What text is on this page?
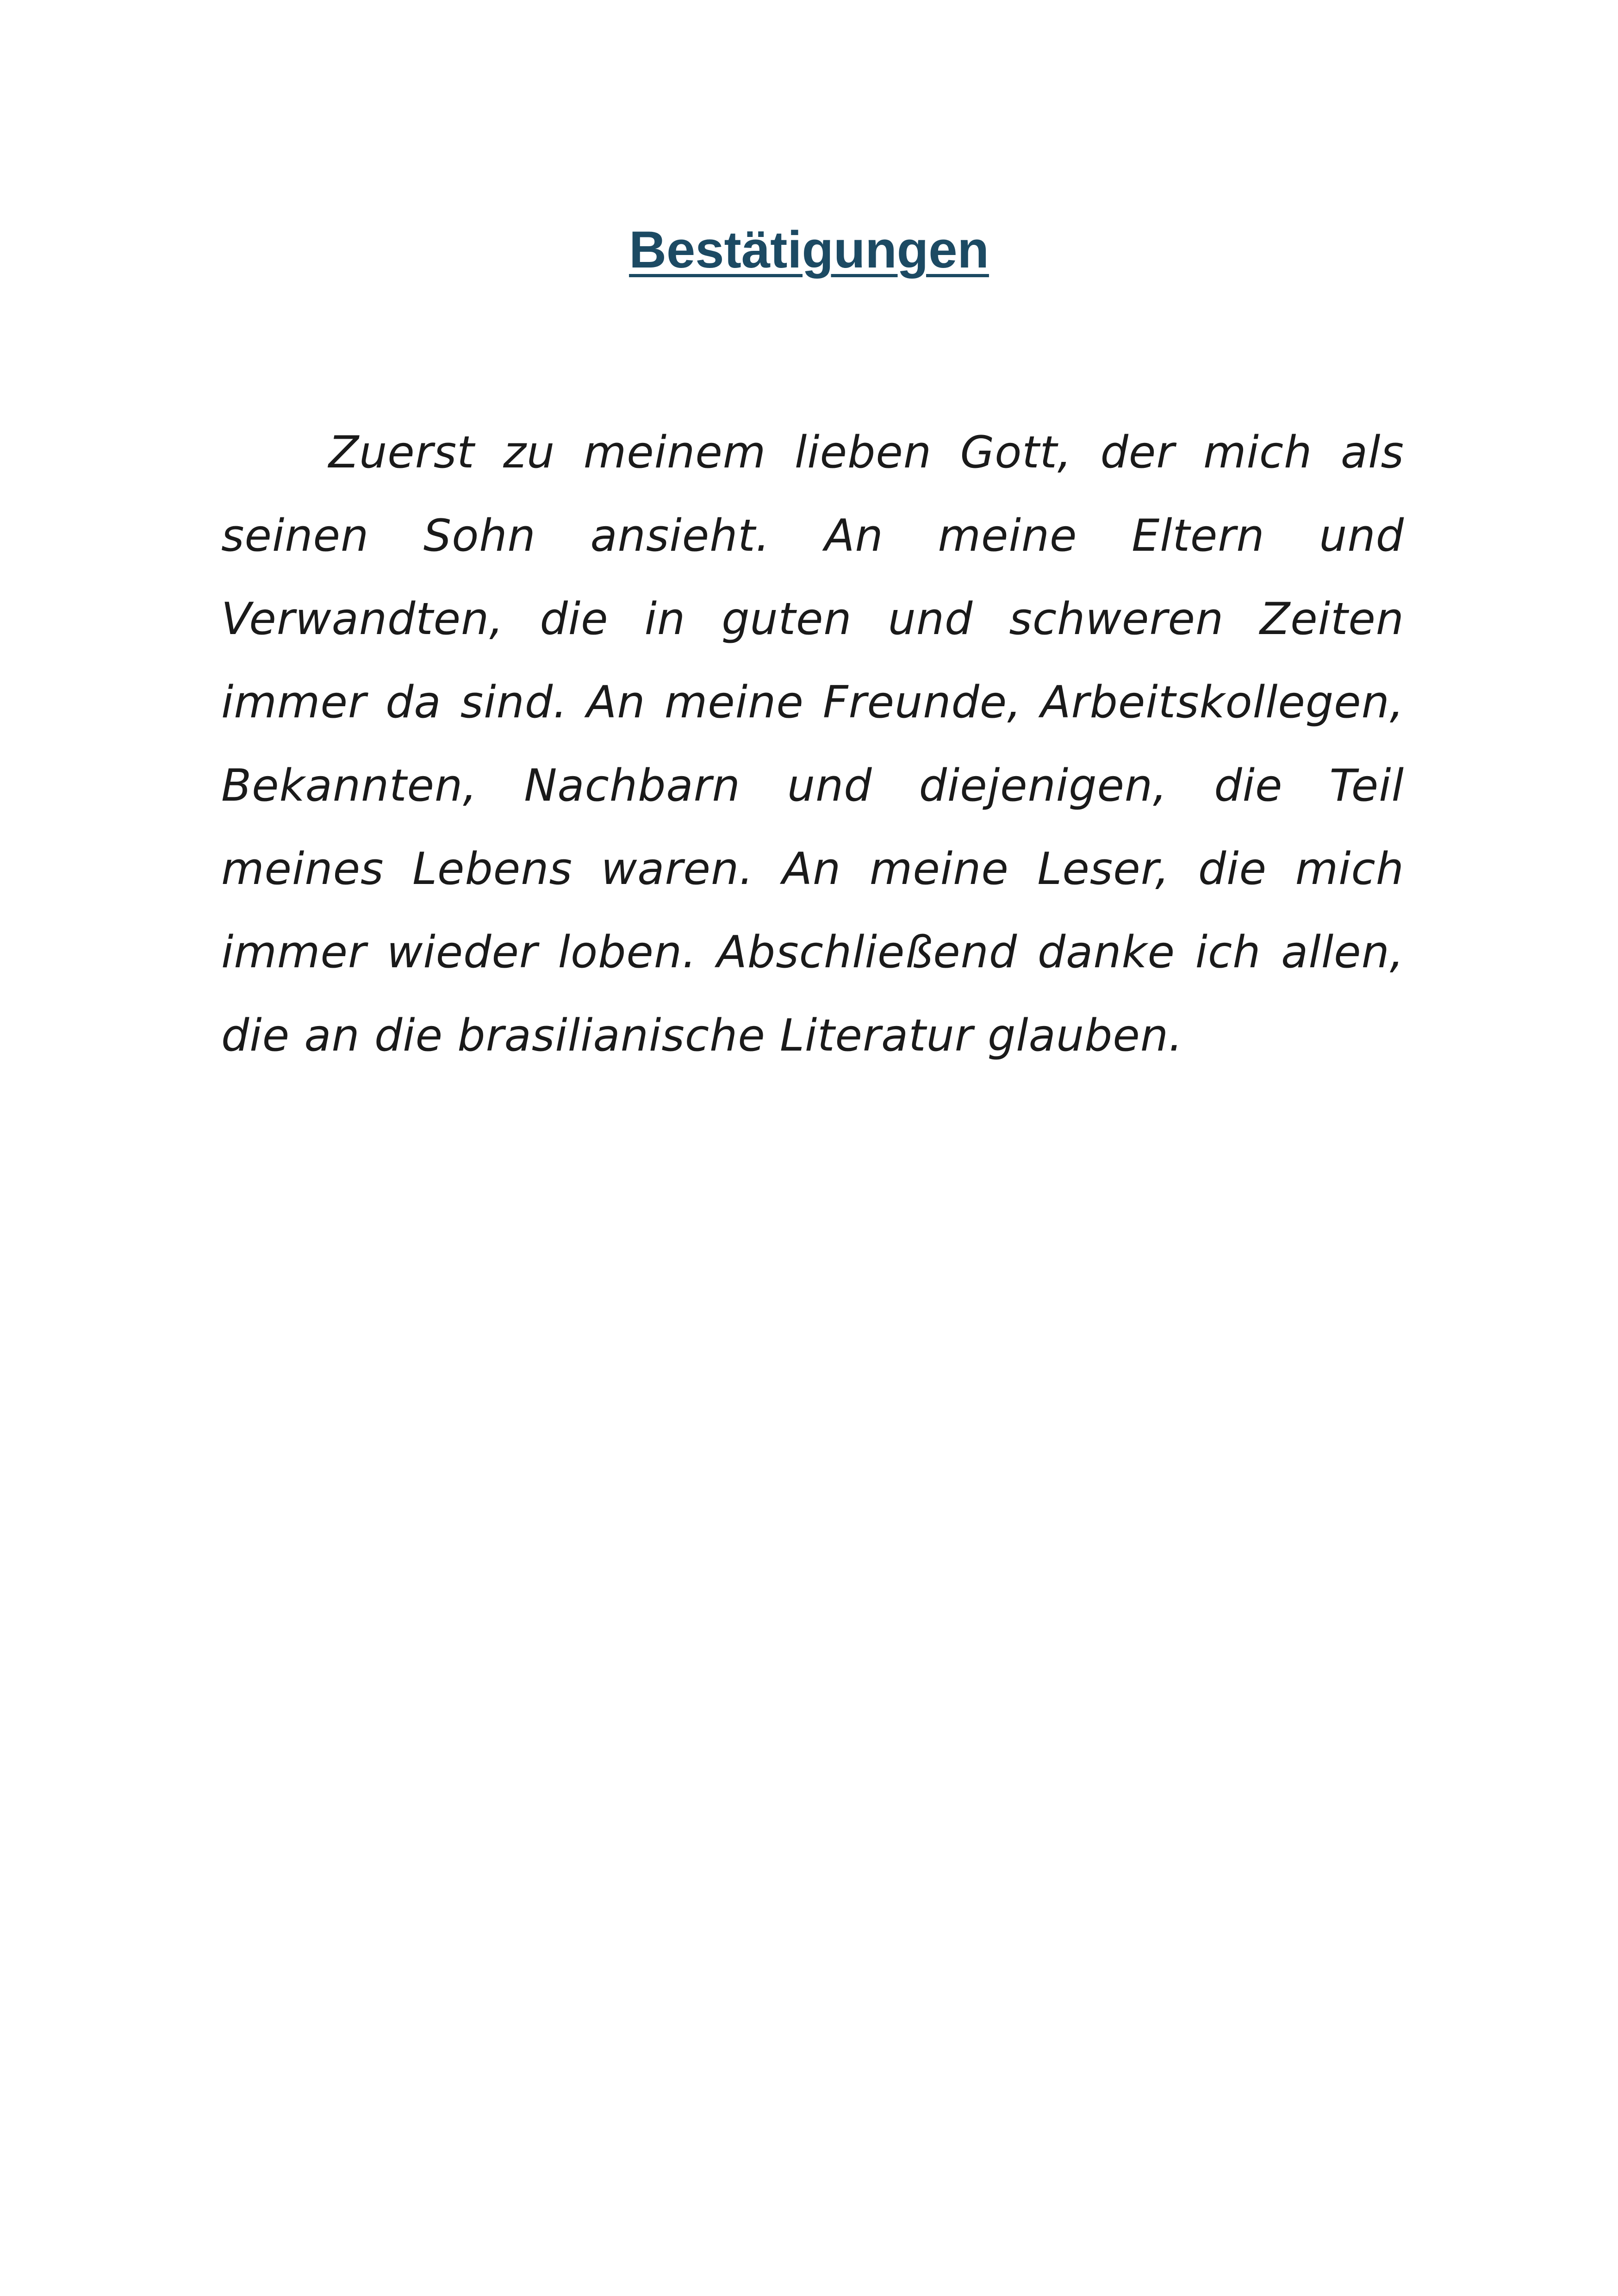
Bestätigungen

Zuerst zu meinem lieben Gott, der mich als seinen Sohn ansieht. An meine Eltern und Verwandten, die in guten und schweren Zeiten immer da sind. An meine Freunde, Arbeitskollegen, Bekannten, Nachbarn und diejenigen, die Teil meines Lebens waren. An meine Leser, die mich immer wieder loben. Abschließend danke ich allen, die an die brasilianische Literatur glauben.
